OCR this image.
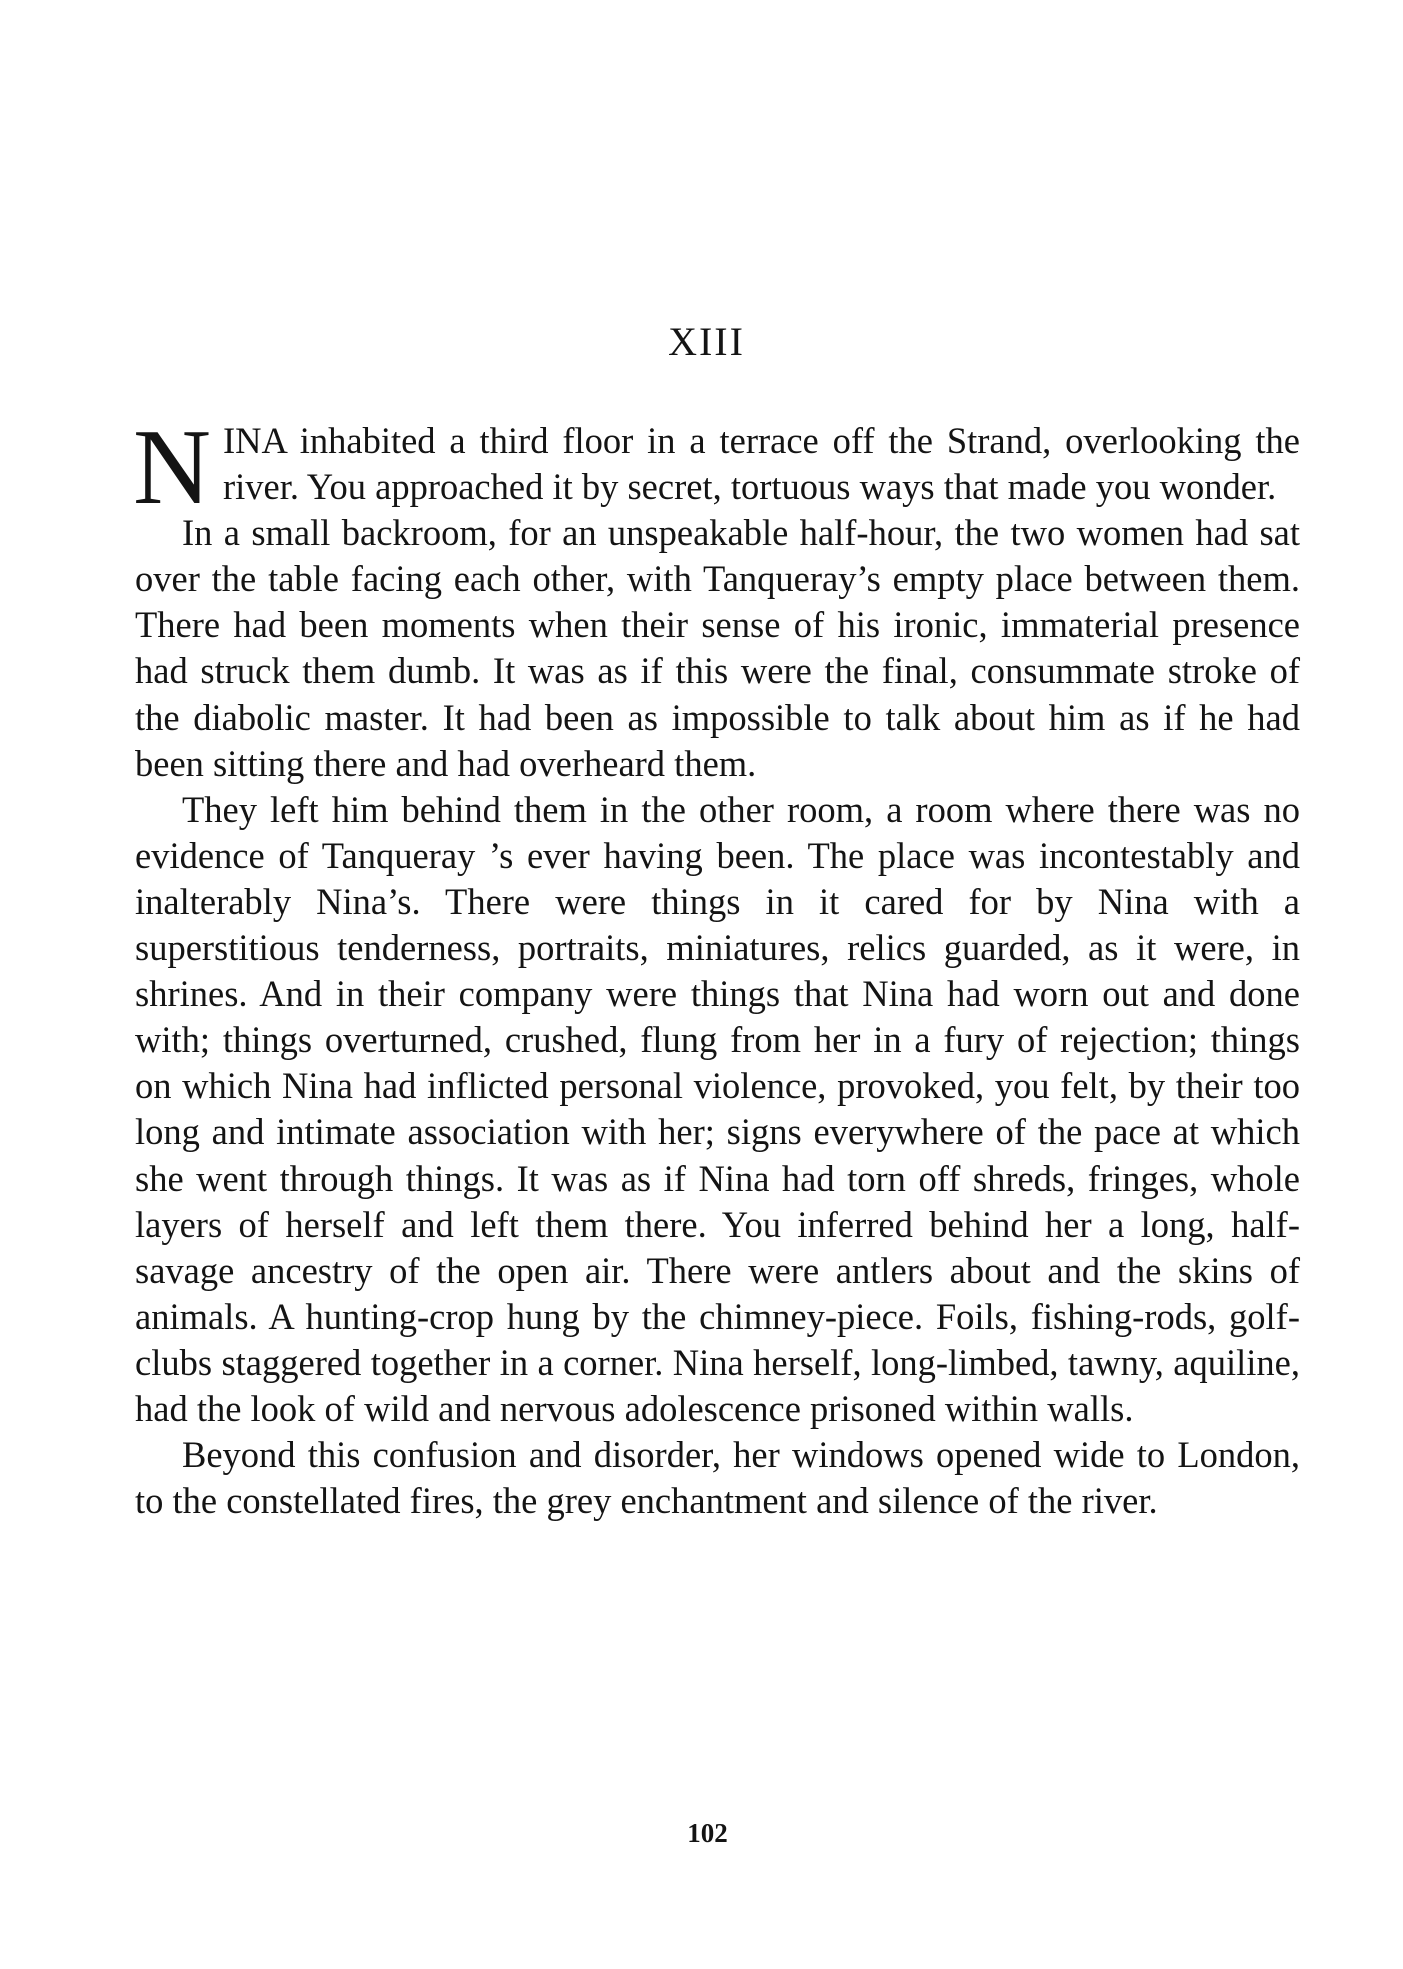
XIII

NINA inhabited a third floor in a terrace off the Strand, overlooking the river. You approached it by secret, tortuous ways that made you wonder.

In a small backroom, for an unspeakable half-hour, the two women had sat over the table facing each other, with Tanqueray’s empty place between them. There had been moments when their sense of his ironic, immaterial presence had struck them dumb. It was as if this were the final, consummate stroke of the diabolic master. It had been as impossible to talk about him as if he had been sitting there and had overheard them.

They left him behind them in the other room, a room where there was no evidence of Tanqueray ’s ever having been. The place was incontestably and inalterably Nina’s. There were things in it cared for by Nina with a superstitious tenderness, portraits, miniatures, relics guarded, as it were, in shrines. And in their company were things that Nina had worn out and done with; things overturned, crushed, flung from her in a fury of rejection; things on which Nina had inflicted personal violence, provoked, you felt, by their too long and intimate association with her; signs everywhere of the pace at which she went through things. It was as if Nina had torn off shreds, fringes, whole layers of herself and left them there. You inferred behind her a long, half-savage ancestry of the open air. There were antlers about and the skins of animals. A hunting-crop hung by the chimney-piece. Foils, fishing-rods, golf-clubs staggered together in a corner. Nina herself, long-limbed, tawny, aquiline, had the look of wild and nervous adolescence prisoned within walls.

Beyond this confusion and disorder, her windows opened wide to London, to the constellated fires, the grey enchantment and silence of the river.

102
